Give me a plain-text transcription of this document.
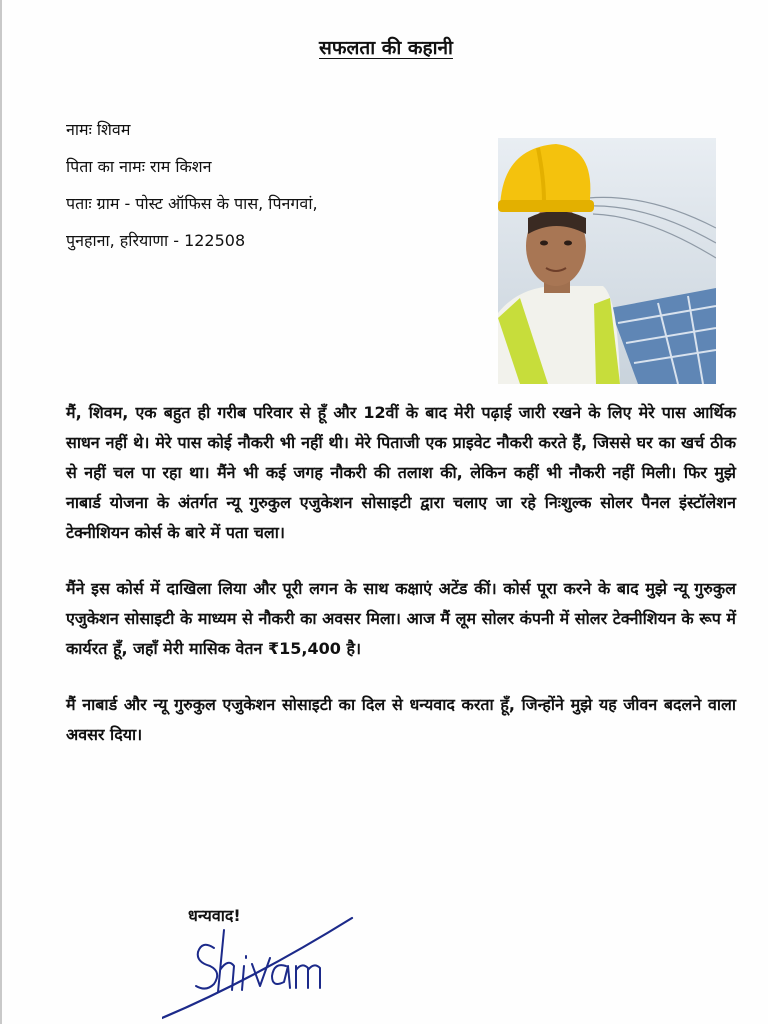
सफलता की कहानी
नामः शिवम
पिता का नामः राम किशन
पताः ग्राम - पोस्ट ऑफिस के पास, पिनगवां,
पुनहाना, हरियाणा - 122508

मैं, शिवम, एक बहुत ही गरीब परिवार से हूँ और 12वीं के बाद मेरी पढ़ाई जारी रखने के लिए मेरे पास आर्थिक साधन नहीं थे। मेरे पास कोई नौकरी भी नहीं थी। मेरे पिताजी एक प्राइवेट नौकरी करते हैं, जिससे घर का खर्च ठीक से नहीं चल पा रहा था। मैंने भी कई जगह नौकरी की तलाश की, लेकिन कहीं भी नौकरी नहीं मिली। फिर मुझे नाबार्ड योजना के अंतर्गत न्यू गुरुकुल एजुकेशन सोसाइटी द्वारा चलाए जा रहे निःशुल्क सोलर पैनल इंस्टॉलेशन टेक्नीशियन कोर्स के बारे में पता चला।

मैंने इस कोर्स में दाखिला लिया और पूरी लगन के साथ कक्षाएं अटेंड कीं। कोर्स पूरा करने के बाद मुझे न्यू गुरुकुल एजुकेशन सोसाइटी के माध्यम से नौकरी का अवसर मिला। आज मैं लूम सोलर कंपनी में सोलर टेक्नीशियन के रूप में कार्यरत हूँ, जहाँ मेरी मासिक वेतन ₹15,400 है।

मैं नाबार्ड और न्यू गुरुकुल एजुकेशन सोसाइटी का दिल से धन्यवाद करता हूँ, जिन्होंने मुझे यह जीवन बदलने वाला अवसर दिया।

धन्यवाद!
